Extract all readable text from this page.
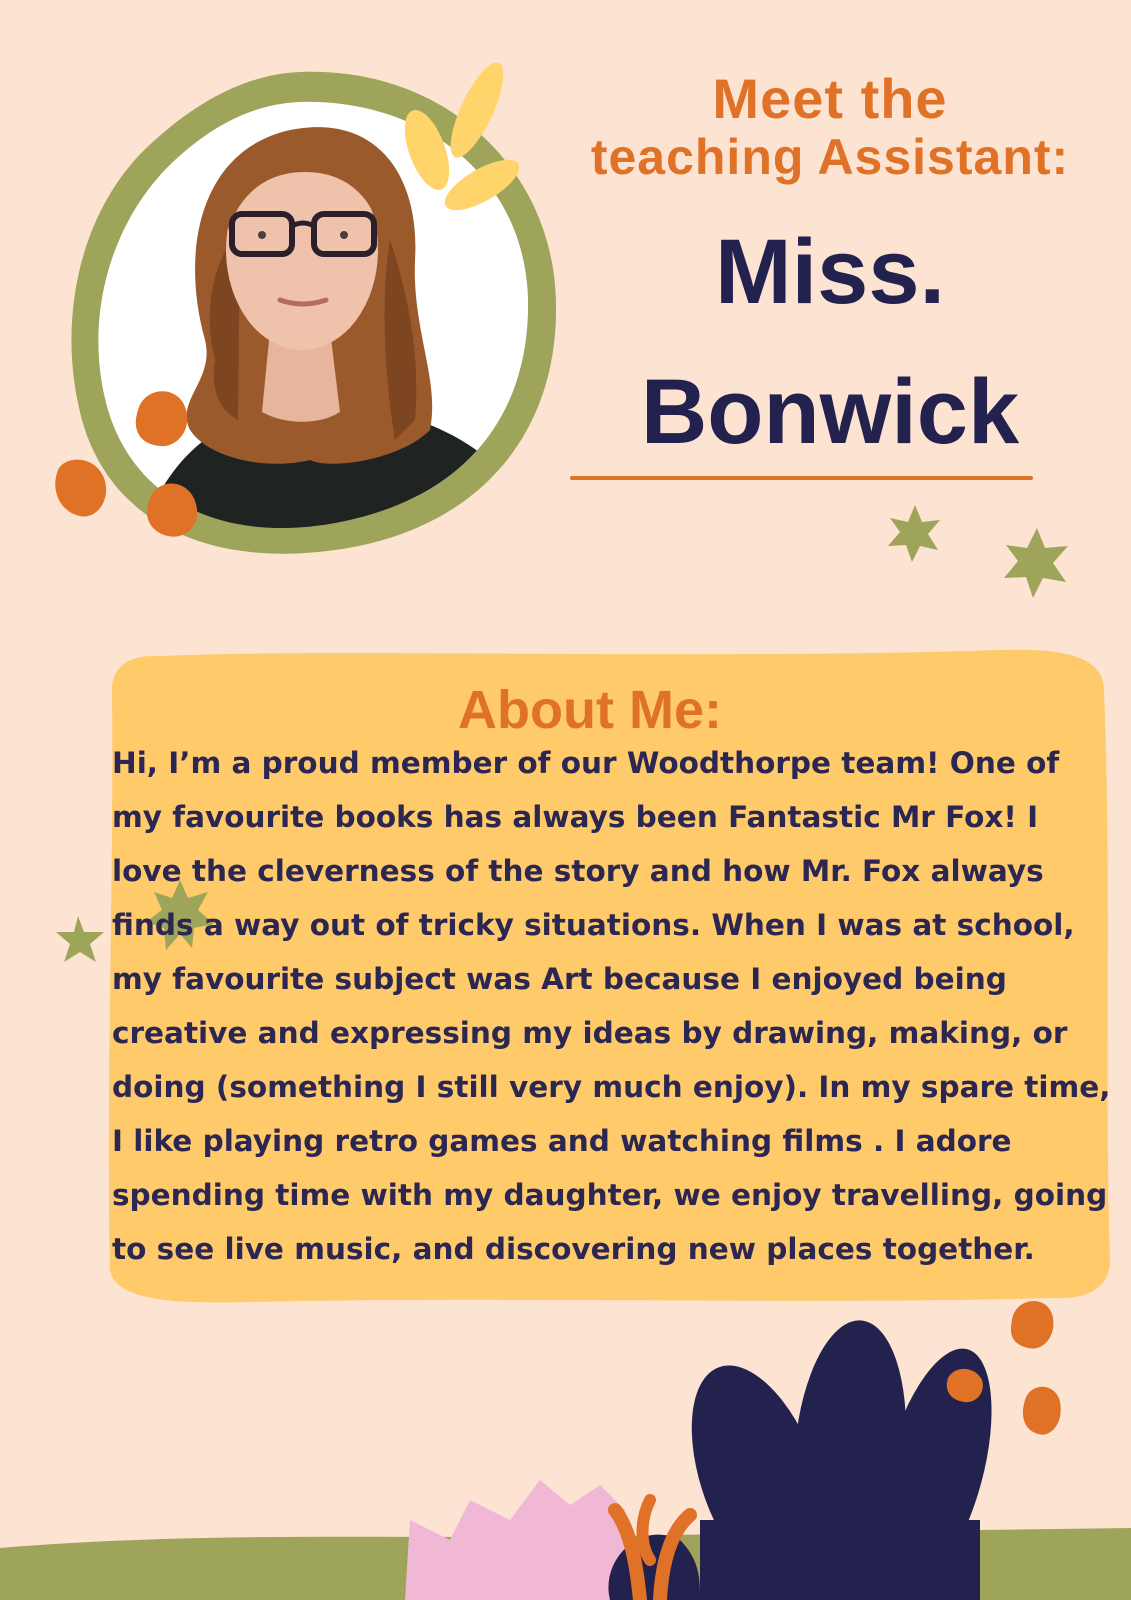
Meet the
teaching Assistant:
Miss.
Bonwick
About Me:

Hi, I’m a proud member of our Woodthorpe team! One of my favourite books has always been Fantastic Mr Fox! I love the cleverness of the story and how Mr. Fox always finds a way out of tricky situations. When I was at school, my favourite subject was Art because I enjoyed being creative and expressing my ideas by drawing, making, or doing (something I still very much enjoy). In my spare time, I like playing retro games and watching films . I adore spending time with my daughter, we enjoy travelling, going to see live music, and discovering new places together.
